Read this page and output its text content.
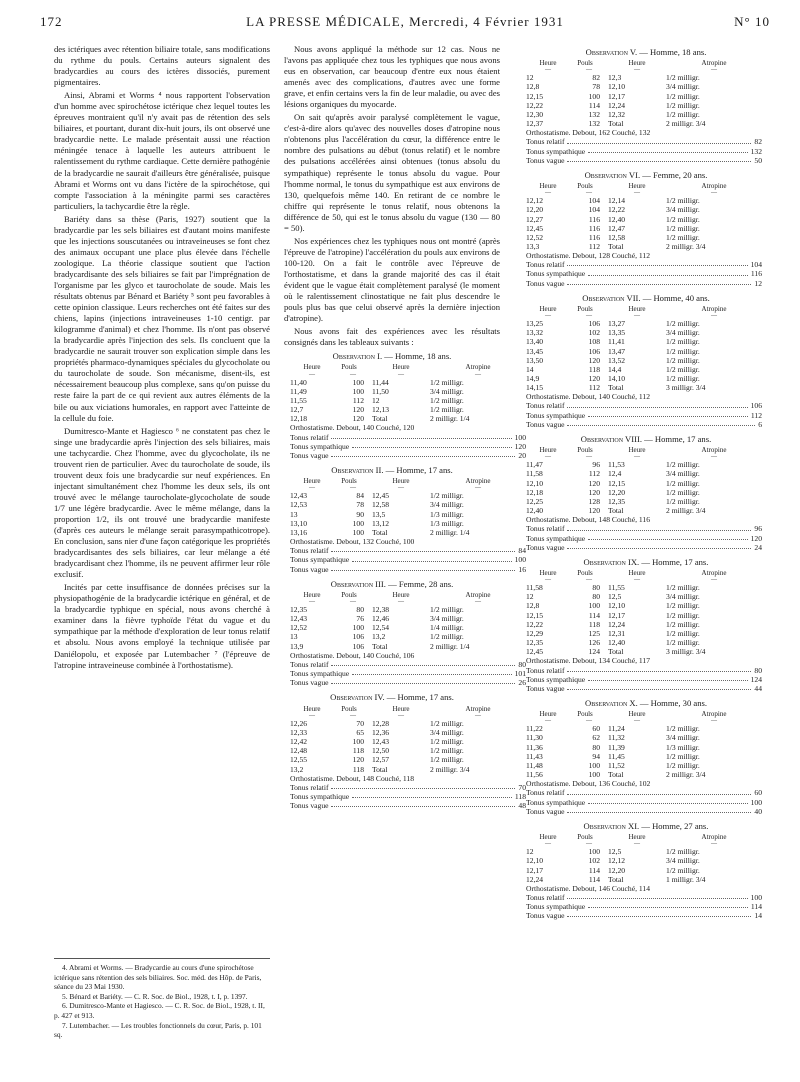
172	LA PRESSE MÉDICALE, Mercredi, 4 Février 1931	N° 10

des ictériques avec rétention biliaire totale, sans modifications du rythme du pouls. Certains auteurs signalent des bradycardies au cours des ictères dissociés, purement pigmentaires.

Ainsi, Abrami et Worms ⁴ nous rapportent l'observation d'un homme avec spirochétose ictérique chez lequel toutes les épreuves montraient qu'il n'y avait pas de rétention des sels biliaires, et pourtant, durant dix-huit jours, ils ont observé une bradycardie nette. Le malade présentait aussi une réaction méningée tenace à laquelle les auteurs attribuent le ralentissement du rythme cardiaque. Cette dernière pathogénie de la bradycardie ne saurait d'ailleurs être généralisée, puisque Abrami et Worms ont vu dans l'ictère de la spirochétose, qui compte l'association à la méningite parmi ses caractères particuliers, la tachycardie être la règle.

Bariéty dans sa thèse (Paris, 1927) soutient que la bradycardie par les sels biliaires est d'autant moins manifeste que les injections souscutanées ou intraveineuses se font chez des animaux occupant une place plus élevée dans l'échelle zoologique. La théorie classique soutient que l'action bradycardisante des sels biliaires se fait par l'imprégnation de l'organisme par les glyco et taurocholate de soude. Mais les résultats obtenus par Bénard et Bariéty ⁵ sont peu favorables à cette opinion classique. Leurs recherches ont été faites sur des chiens, lapins (injections intraveineuses 1-10 centigr. par kilogramme d'animal) et chez l'homme. Ils n'ont pas observé la bradycardie après l'injection des sels. Ils concluent que la bradycardie ne saurait trouver son explication simple dans les propriétés pharmaco-dynamiques spéciales du glycocholate ou du taurocholate de soude. Son mécanisme, disent-ils, est nécessairement beaucoup plus complexe, sans qu'on puisse du reste faire la part de ce qui revient aux autres éléments de la bile ou aux viciations humorales, en rapport avec l'atteinte de la cellule du foie.

Dumitresco-Mante et Hagiesco ⁶ ne constatent pas chez le singe une bradycardie après l'injection des sels biliaires, mais une tachycardie. Chez l'homme, avec du glycocholate, ils ne trouvent rien de particulier. Avec du taurocholate de soude, ils trouvent deux fois une bradycardie sur neuf expériences. En injectant simultanément chez l'homme les deux sels, ils ont trouvé avec le mélange taurocholate-glycocholate de soude 1/7 une légère bradycardie. Avec le même mélange, dans la proportion 1/2, ils ont trouvé une bradycardie manifeste (d'après ces auteurs le mélange serait parasympathicotrope). En conclusion, sans nier d'une façon catégorique les propriétés bradycardisantes des sels biliaires, car leur mélange a été bradycardisant chez l'homme, ils ne peuvent affirmer leur rôle exclusif.

Incités par cette insuffisance de données précises sur la physiopathogénie de la bradycardie ictérique en général, et de la bradycardie typhique en spécial, nous avons cherché à examiner dans la fièvre typhoïde l'état du vague et du sympathique par la méthode d'exploration de leur tonus relatif et absolu. Nous avons employé la technique utilisée par Daniélopolu, et exposée par Lutembacher ⁷ (l'épreuve de l'atropine intraveineuse combinée à l'orthostatisme).

4. Abrami et Worms. — Bradycardie au cours d'une spirochétose ictérique sans rétention des sels biliaires. Soc. méd. des Hôp. de Paris, séance du 23 Mai 1930.
5. Bénard et Bariéty. — C. R. Soc. de Biol., 1928, t. I, p. 1397.
6. Dumitresco-Mante et Hagiesco. — C. R. Soc. de Biol., 1928, t. II, p. 427 et 913.
7. Lutembacher. — Les troubles fonctionnels du cœur, Paris, p. 101 sq.

Nous avons appliqué la méthode sur 12 cas. Nous ne l'avons pas appliquée chez tous les typhiques que nous avons eus en observation, car beaucoup d'entre eux nous étaient amenés avec des complications, d'autres avec une forme grave, et enfin certains vers la fin de leur maladie, ou avec des lésions organiques du myocarde.

On sait qu'après avoir paralysé complètement le vague, c'est-à-dire alors qu'avec des nouvelles doses d'atropine nous n'obtenons plus l'accélération du cœur, la différence entre le nombre des pulsations au début (tonus relatif) et le nombre des pulsations accélérées ainsi obtenues (tonus absolu du sympathique) représente le tonus absolu du vague. Pour l'homme normal, le tonus du sympathique est aux environs de 130, quelquefois même 140. En retirant de ce nombre le chiffre qui représente le tonus relatif, nous obtenons la différence de 50, qui est le tonus absolu du vague (130 — 80 = 50).

Nos expériences chez les typhiques nous ont montré (après l'épreuve de l'atropine) l'accélération du pouls aux environs de 100-120. On a fait le contrôle avec l'épreuve de l'orthostatisme, et dans la grande majorité des cas il était évident que le vague était complètement paralysé (le moment où le ralentissement clinostatique ne fait plus descendre le pouls plus bas que celui observé après la dernière injection d'atropine).

Nous avons fait des expériences avec les résultats consignés dans les tableaux suivants :

Observation I. — Homme, 18 ans.
Heure	Pouls	Heure	Atropine
—	—	—	—
11,40	100	11,44	1/2 milligr.
11,49	100	11,50	3/4 milligr.
11,55	112	12	1/2 milligr.
12,7	120	12,13	1/2 milligr.
12,18	120	Total	2 milligr. 1/4
Orthostatisme. Debout, 140 Couché, 120
Tonus relatif	100
Tonus sympathique	120
Tonus vague	20
Observation II. — Homme, 17 ans.
Heure	Pouls	Heure	Atropine
—	—	—	—
12,43	84	12,45	1/2 milligr.
12,53	78	12,58	3/4 milligr.
13	90	13,5	1/3 milligr.
13,10	100	13,12	1/3 milligr.
13,16	100	Total	2 milligr. 1/4
Orthostatisme. Debout, 132 Couché, 100
Tonus relatif	84
Tonus sympathique	100
Tonus vague	16
Observation III. — Femme, 28 ans.
Heure	Pouls	Heure	Atropine
—	—	—	—
12,35	80	12,38	1/2 milligr.
12,43	76	12,46	3/4 milligr.
12,52	100	12,54	1/4 milligr.
13	106	13,2	1/2 milligr.
13,9	106	Total	2 milligr. 1/4
Orthostatisme. Debout, 140 Couché, 106
Tonus relatif	80
Tonus sympathique	101
Tonus vague	26
Observation IV. — Homme, 17 ans.
Heure	Pouls	Heure	Atropine
—	—	—	—
12,26	70	12,28	1/2 milligr.
12,33	65	12,36	3/4 milligr.
12,42	100	12,43	1/2 milligr.
12,48	118	12,50	1/2 milligr.
12,55	120	12,57	1/2 milligr.
13,2	118	Total	2 milligr. 3/4
Orthostatisme. Debout, 148 Couché, 118
Tonus relatif	70
Tonus sympathique	118
Tonus vague	48
Observation V. — Homme, 18 ans.
Heure	Pouls	Heure	Atropine
—	—	—	—
12	82	12,3	1/2 milligr.
12,8	78	12,10	3/4 milligr.
12,15	100	12,17	1/2 milligr.
12,22	114	12,24	1/2 milligr.
12,30	132	12,32	1/2 milligr.
12,37	132	Total	2 milligr. 3/4
Orthostatisme. Debout, 162 Couché, 132
Tonus relatif	82
Tonus sympathique	132
Tonus vague	50
Observation VI. — Femme, 20 ans.
Heure	Pouls	Heure	Atropine
—	—	—	—
12,12	104	12,14	1/2 milligr.
12,20	104	12,22	3/4 milligr.
12,27	116	12,40	1/2 milligr.
12,45	116	12,47	1/2 milligr.
12,52	116	12,58	1/2 milligr.
13,3	112	Total	2 milligr. 3/4
Orthostatisme. Debout, 128 Couché, 112
Tonus relatif	104
Tonus sympathique	116
Tonus vague	12
Observation VII. — Homme, 40 ans.
Heure	Pouls	Heure	Atropine
—	—	—	—
13,25	106	13,27	1/2 milligr.
13,32	102	13,35	3/4 milligr.
13,40	108	11,41	1/2 milligr.
13,45	106	13,47	1/2 milligr.
13,50	120	13,52	1/2 milligr.
14	118	14,4	1/2 milligr.
14,9	120	14,10	1/2 milligr.
14,15	112	Total	3 milligr. 3/4
Orthostatisme. Debout, 140 Couché, 112
Tonus relatif	106
Tonus sympathique	112
Tonus vague	6
Observation VIII. — Homme, 17 ans.
Heure	Pouls	Heure	Atropine
—	—	—	—
11,47	96	11,53	1/2 milligr.
11,58	112	12,4	3/4 milligr.
12,10	120	12,15	1/2 milligr.
12,18	120	12,20	1/2 milligr.
12,25	128	12,35	1/2 milligr.
12,40	120	Total	2 milligr. 3/4
Orthostatisme. Debout, 148 Couché, 116
Tonus relatif	96
Tonus sympathique	120
Tonus vague	24
Observation IX. — Homme, 17 ans.
Heure	Pouls	Heure	Atropine
—	—	—	—
11,58	80	11,55	1/2 milligr.
12	80	12,5	3/4 milligr.
12,8	100	12,10	1/2 milligr.
12,15	114	12,17	1/2 milligr.
12,22	118	12,24	1/2 milligr.
12,29	125	12,31	1/2 milligr.
12,35	126	12,40	1/2 milligr.
12,45	124	Total	3 milligr. 3/4
Orthostatisme. Debout, 134 Couché, 117
Tonus relatif	80
Tonus sympathique	124
Tonus vague	44
Observation X. — Homme, 30 ans.
Heure	Pouls	Heure	Atropine
—	—	—	—
11,22	60	11,24	1/2 milligr.
11,30	62	11,32	3/4 milligr.
11,36	80	11,39	1/3 milligr.
11,43	94	11,45	1/2 milligr.
11,48	100	11,52	1/2 milligr.
11,56	100	Total	2 milligr. 3/4
Orthostatisme. Debout, 136 Couché, 102
Tonus relatif	60
Tonus sympathique	100
Tonus vague	40
Observation XI. — Homme, 27 ans.
Heure	Pouls	Heure	Atropine
—	—	—	—
12	100	12,5	1/2 milligr.
12,10	102	12,12	3/4 milligr.
12,17	114	12,20	1/2 milligr.
12,24	114	Total	1 milligr. 3/4
Orthostatisme. Debout, 146 Couché, 114
Tonus relatif	100
Tonus sympathique	114
Tonus vague	14
